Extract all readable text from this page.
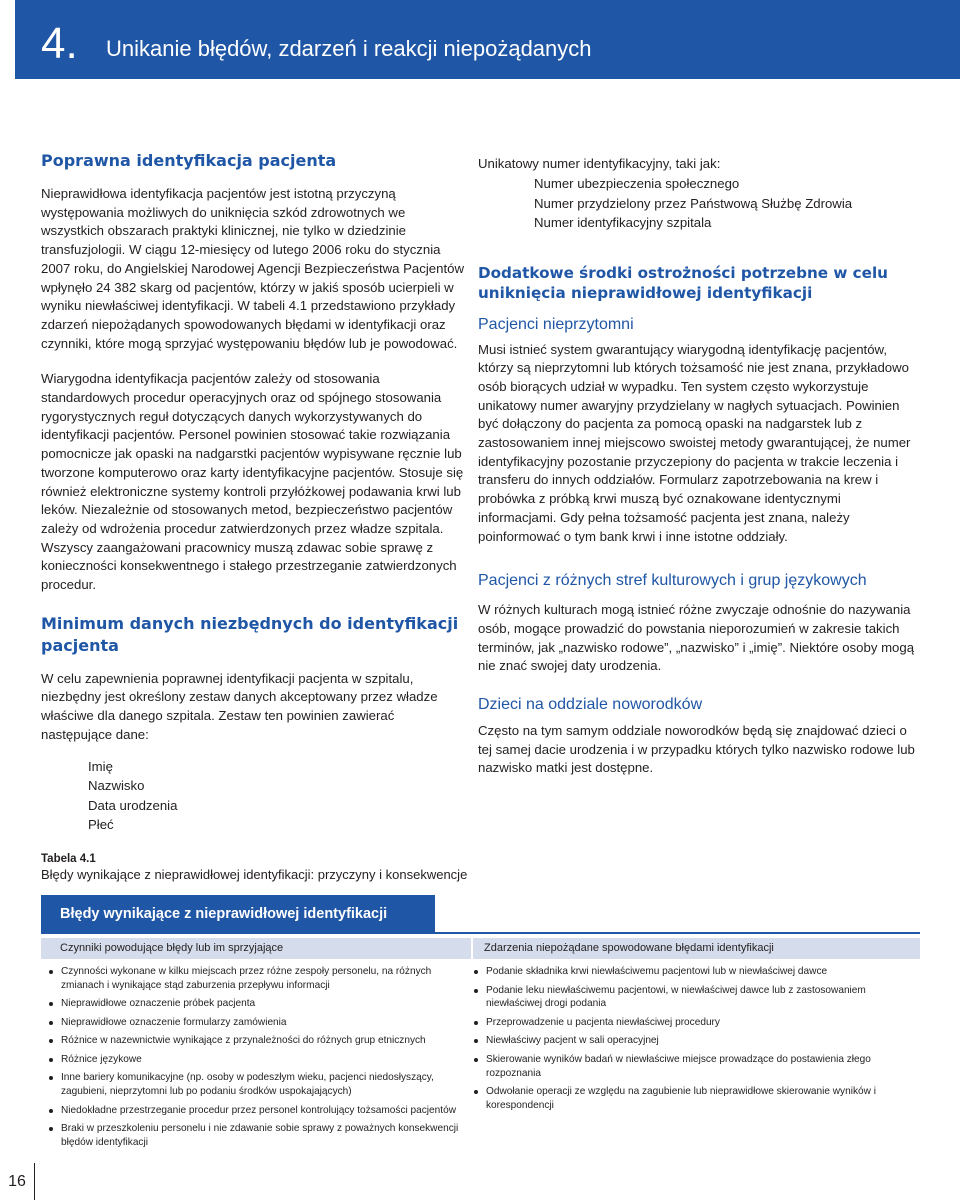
4. Unikanie błędów, zdarzeń i reakcji niepożądanych
Poprawna identyfikacja pacjenta

Nieprawidłowa identyfikacja pacjentów jest istotną przyczyną występowania możliwych do uniknięcia szkód zdrowotnych we wszystkich obszarach praktyki klinicznej, nie tylko w dziedzinie transfuzjologii. W ciągu 12-miesięcy od lutego 2006 roku do stycznia 2007 roku, do Angielskiej Narodowej Agencji Bezpieczeństwa Pacjentów wpłynęło 24 382 skarg od pacjentów, którzy w jakiś sposób ucierpieli w wyniku niewłaściwej identyfikacji. W tabeli 4.1 przedstawiono przykłady zdarzeń niepożądanych spowodowanych błędami w identyfikacji oraz czynniki, które mogą sprzyjać występowaniu błędów lub je powodować.

Wiarygodna identyfikacja pacjentów zależy od stosowania standardowych procedur operacyjnych oraz od spójnego stosowania rygorystycznych reguł dotyczących danych wykorzystywanych do identyfikacji pacjentów. Personel powinien stosować takie rozwiązania pomocnicze jak opaski na nadgarstki pacjentów wypisywane ręcznie lub tworzone komputerowo oraz karty identyfikacyjne pacjentów. Stosuje się również elektroniczne systemy kontroli przyłóżkowej podawania krwi lub leków. Niezależnie od stosowanych metod, bezpieczeństwo pacjentów zależy od wdrożenia procedur zatwierdzonych przez władze szpitala. Wszyscy zaangażowani pracownicy muszą zdawac sobie sprawę z konieczności konsekwentnego i stałego przestrzeganie zatwierdzonych procedur.

Minimum danych niezbędnych do identyfikacji pacjenta

W celu zapewnienia poprawnej identyfikacji pacjenta w szpitalu, niezbędny jest określony zestaw danych akceptowany przez władze właściwe dla danego szpitala. Zestaw ten powinien zawierać następujące dane:

Imię
Nazwisko
Data urodzenia
Płeć

Unikatowy numer identyfikacyjny, taki jak:

Numer ubezpieczenia społecznego
Numer przydzielony przez Państwową Służbę Zdrowia
Numer identyfikacyjny szpitala
Dodatkowe środki ostrożności potrzebne w celu uniknięcia nieprawidłowej identyfikacji
Pacjenci nieprzytomni

Musi istnieć system gwarantujący wiarygodną identyfikację pacjentów, którzy są nieprzytomni lub których tożsamość nie jest znana, przykładowo osób biorących udział w wypadku. Ten system często wykorzystuje unikatowy numer awaryjny przydzielany w nagłych sytuacjach. Powinien być dołączony do pacjenta za pomocą opaski na nadgarstek lub z zastosowaniem innej miejscowo swoistej metody gwarantującej, że numer identyfikacyjny pozostanie przyczepiony do pacjenta w trakcie leczenia i transferu do innych oddziałów. Formularz zapotrzebowania na krew i probówka z próbką krwi muszą być oznakowane identycznymi informacjami. Gdy pełna tożsamość pacjenta jest znana, należy poinformować o tym bank krwi i inne istotne oddziały.

Pacjenci z różnych stref kulturowych i grup językowych

W różnych kulturach mogą istnieć różne zwyczaje odnośnie do nazywania osób, mogące prowadzić do powstania nieporozumień w zakresie takich terminów, jak „nazwisko rodowe”, „nazwisko” i „imię”. Niektóre osoby mogą nie znać swojej daty urodzenia.

Dzieci na oddziale noworodków

Często na tym samym oddziale noworodków będą się znajdować dzieci o tej samej dacie urodzenia i w przypadku których tylko nazwisko rodowe lub nazwisko matki jest dostępne.

Tabela 4.1
Błędy wynikające z nieprawidłowej identyfikacji: przyczyny i konsekwencje
Błędy wynikające z nieprawidłowej identyfikacji
Czynniki powodujące błędy lub im sprzyjające	Zdarzenia niepożądane spowodowane błędami identyfikacji
Czynności wykonane w kilku miejscach przez różne zespoły personelu, na różnych zmianach i wynikające stąd zaburzenia przepływu informacji
Nieprawidłowe oznaczenie próbek pacjenta
Nieprawidłowe oznaczenie formularzy zamówienia
Różnice w nazewnictwie wynikające z przynależności do różnych grup etnicznych
Różnice językowe
Inne bariery komunikacyjne (np. osoby w podeszłym wieku, pacjenci niedosłyszący, zagubieni, nieprzytomni lub po podaniu środków uspokajających)
Niedokładne przestrzeganie procedur przez personel kontrolujący tożsamości pacjentów
Braki w przeszkoleniu personelu i nie zdawanie sobie sprawy z poważnych konsekwencji błędów identyfikacji
Podanie składnika krwi niewłaściwemu pacjentowi lub w niewłaściwej dawce
Podanie leku niewłaściwemu pacjentowi, w niewłaściwej dawce lub z zastosowaniem niewłaściwej drogi podania
Przeprowadzenie u pacjenta niewłaściwej procedury
Niewłaściwy pacjent w sali operacyjnej
Skierowanie wyników badań w niewłaściwe miejsce prowadzące do postawienia złego rozpoznania
Odwołanie operacji ze względu na zagubienie lub nieprawidłowe skierowanie wyników i korespondencji
16
